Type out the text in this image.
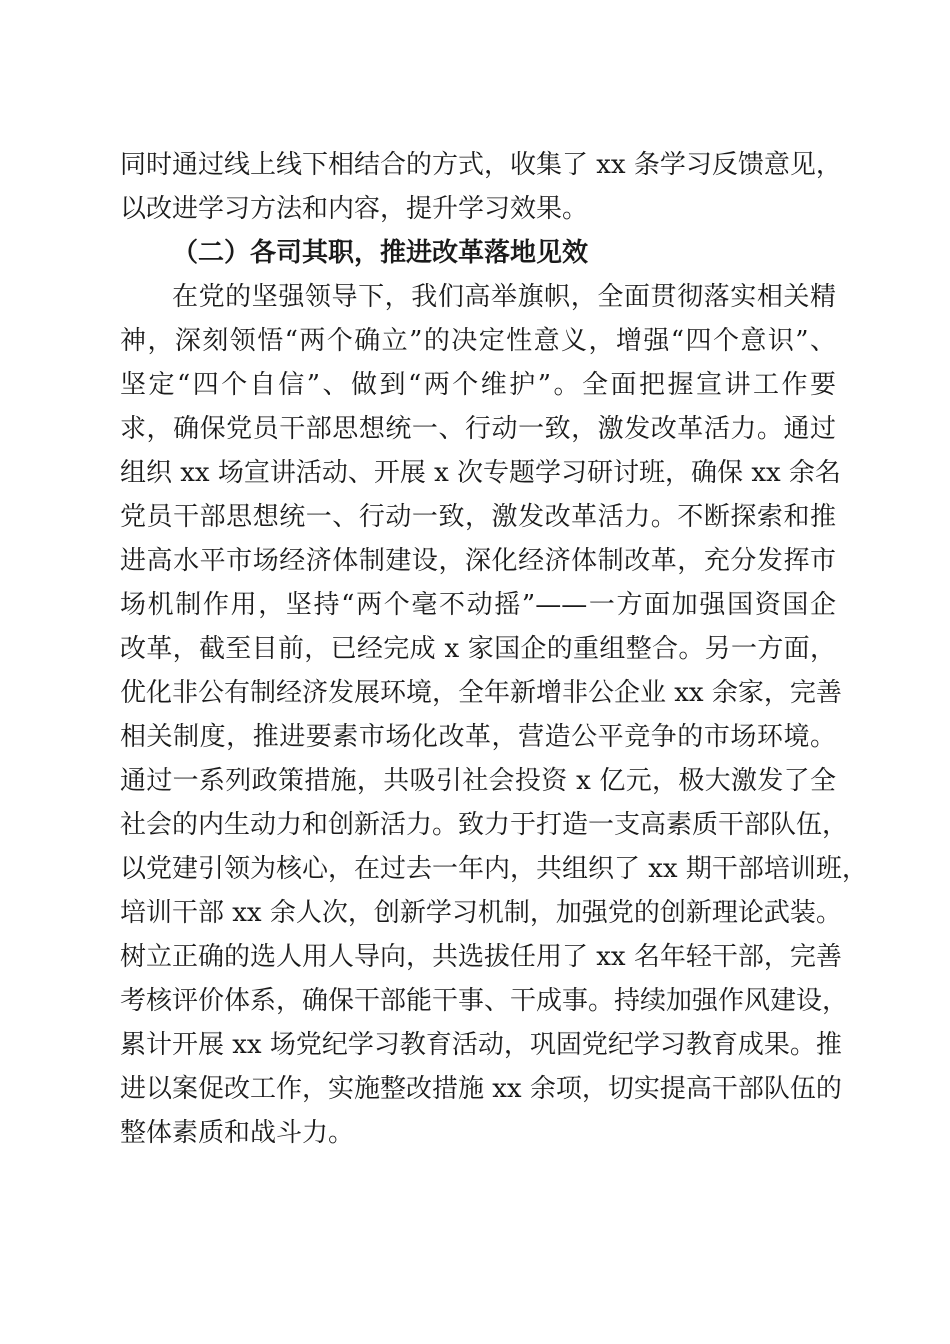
同时通过线上线下相结合的方式，收集了 xx 条学习反馈意见，
以改进学习方法和内容，提升学习效果。
（二）各司其职，推进改革落地见效
在党的坚强领导下，我们高举旗帜，全面贯彻落实相关精
神，深刻领悟“两个确立”的决定性意义，增强“四个意识”、
坚定“四个自信”、做到“两个维护”。全面把握宣讲工作要
求，确保党员干部思想统一、行动一致，激发改革活力。通过
组织 xx 场宣讲活动、开展 x 次专题学习研讨班，确保 xx 余名
党员干部思想统一、行动一致，激发改革活力。不断探索和推
进高水平市场经济体制建设，深化经济体制改革，充分发挥市
场机制作用，坚持“两个毫不动摇”——一方面加强国资国企
改革，截至目前，已经完成 x 家国企的重组整合。另一方面，
优化非公有制经济发展环境，全年新增非公企业 xx 余家，完善
相关制度，推进要素市场化改革，营造公平竞争的市场环境。
通过一系列政策措施，共吸引社会投资 x 亿元，极大激发了全
社会的内生动力和创新活力。致力于打造一支高素质干部队伍，
以党建引领为核心，在过去一年内，共组织了 xx 期干部培训班，
培训干部 xx 余人次，创新学习机制，加强党的创新理论武装。
树立正确的选人用人导向，共选拔任用了 xx 名年轻干部，完善
考核评价体系，确保干部能干事、干成事。持续加强作风建设，
累计开展 xx 场党纪学习教育活动，巩固党纪学习教育成果。推
进以案促改工作，实施整改措施 xx 余项，切实提高干部队伍的
整体素质和战斗力。
